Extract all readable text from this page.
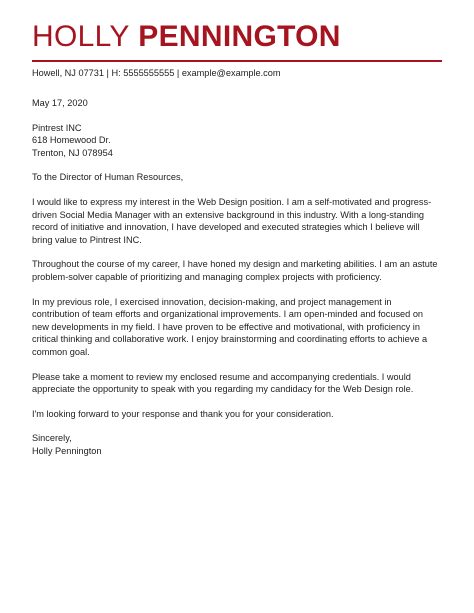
HOLLY PENNINGTON
Howell, NJ 07731 | H: 5555555555 | example@example.com
May 17, 2020
Pintrest INC
618 Homewood Dr.
Trenton, NJ 078954
To the Director of Human Resources,

I would like to express my interest in the Web Design position. I am a self-motivated and progress-driven Social Media Manager with an extensive background in this industry. With a long-standing record of initiative and innovation, I have developed and executed strategies which I believe will bring value to Pintrest INC.

Throughout the course of my career, I have honed my design and marketing abilities. I am an astute problem-solver capable of prioritizing and managing complex projects with proficiency.

In my previous role, I exercised innovation, decision-making, and project management in contribution of team efforts and organizational improvements. I am open-minded and focused on new developments in my field. I have proven to be effective and motivational, with proficiency in critical thinking and collaborative work. I enjoy brainstorming and coordinating efforts to achieve a common goal.

Please take a moment to review my enclosed resume and accompanying credentials. I would appreciate the opportunity to speak with you regarding my candidacy for the Web Design role.

I'm looking forward to your response and thank you for your consideration.

Sincerely,
Holly Pennington
